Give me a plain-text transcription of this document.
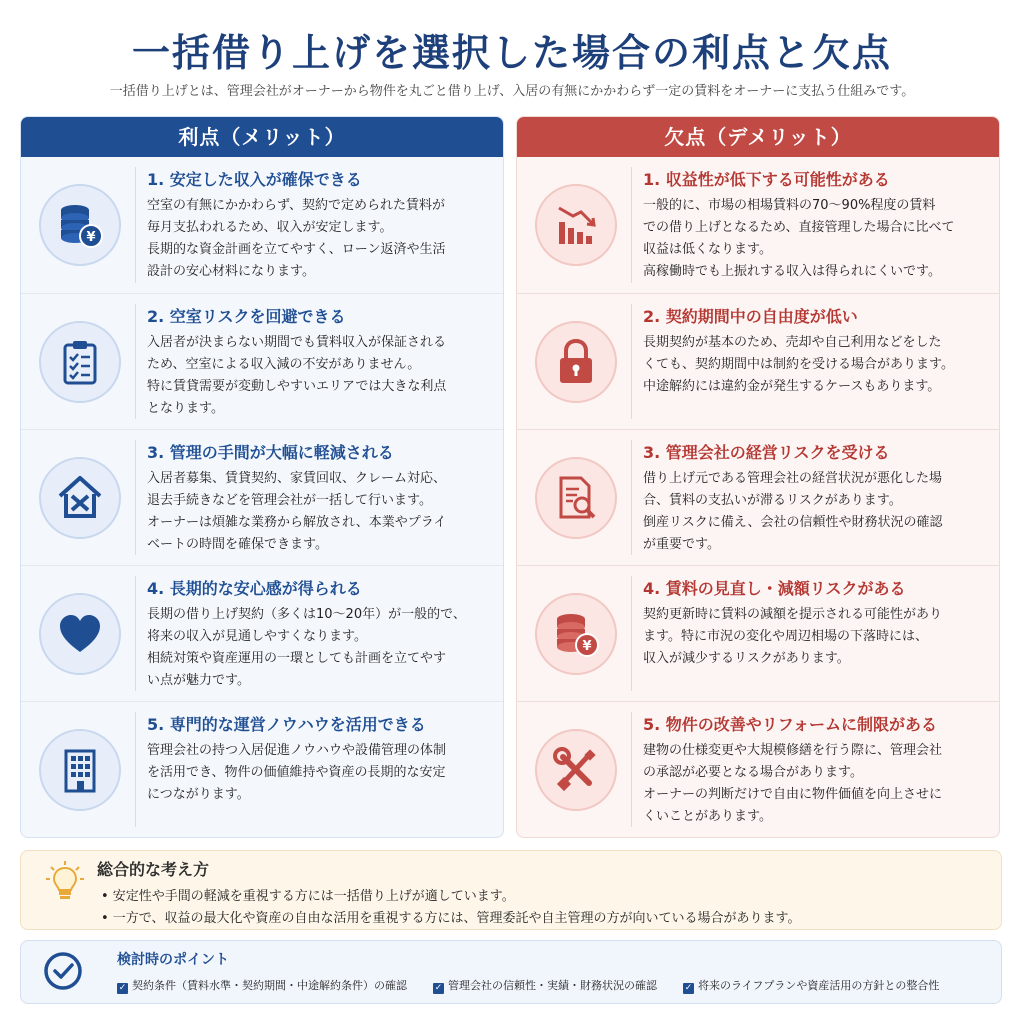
一括借り上げを選択した場合の利点と欠点
一括借り上げとは、管理会社がオーナーから物件を丸ごと借り上げ、入居の有無にかかわらず一定の賃料をオーナーに支払う仕組みです。
利点（メリット）
¥
1. 安定した収入が確保できる

空室の有無にかかわらず、契約で定められた賃料が

毎月支払われるため、収入が安定します。

長期的な資金計画を立てやすく、ローン返済や生活

設計の安心材料になります。

2. 空室リスクを回避できる

入居者が決まらない期間でも賃料収入が保証される

ため、空室による収入減の不安がありません。

特に賃貸需要が変動しやすいエリアでは大きな利点

となります。

3. 管理の手間が大幅に軽減される

入居者募集、賃貸契約、家賃回収、クレーム対応、

退去手続きなどを管理会社が一括して行います。

オーナーは煩雑な業務から解放され、本業やプライ

ベートの時間を確保できます。

4. 長期的な安心感が得られる

長期の借り上げ契約（多くは10〜20年）が一般的で、

将来の収入が見通しやすくなります。

相続対策や資産運用の一環としても計画を立てやす

い点が魅力です。

5. 専門的な運営ノウハウを活用できる

管理会社の持つ入居促進ノウハウや設備管理の体制

を活用でき、物件の価値維持や資産の長期的な安定

につながります。

欠点（デメリット）
1. 収益性が低下する可能性がある

一般的に、市場の相場賃料の70〜90%程度の賃料

での借り上げとなるため、直接管理した場合に比べて

収益は低くなります。

高稼働時でも上振れする収入は得られにくいです。

2. 契約期間中の自由度が低い

長期契約が基本のため、売却や自己利用などをした

くても、契約期間中は制約を受ける場合があります。

中途解約には違約金が発生するケースもあります。

3. 管理会社の経営リスクを受ける

借り上げ元である管理会社の経営状況が悪化した場

合、賃料の支払いが滞るリスクがあります。

倒産リスクに備え、会社の信頼性や財務状況の確認

が重要です。

¥
4. 賃料の見直し・減額リスクがある

契約更新時に賃料の減額を提示される可能性があり

ます。特に市況の変化や周辺相場の下落時には、

収入が減少するリスクがあります。

5. 物件の改善やリフォームに制限がある

建物の仕様変更や大規模修繕を行う際に、管理会社

の承認が必要となる場合があります。

オーナーの判断だけで自由に物件価値を向上させに

くいことがあります。

総合的な考え方
• 安定性や手間の軽減を重視する方には一括借り上げが適しています。
• 一方で、収益の最大化や資産の自由な活用を重視する方には、管理委託や自主管理の方が向いている場合があります。
検討時のポイント
✓ 契約条件（賃料水準・契約期間・中途解約条件）の確認	✓ 管理会社の信頼性・実績・財務状況の確認	✓ 将来のライフプランや資産活用の方針との整合性
